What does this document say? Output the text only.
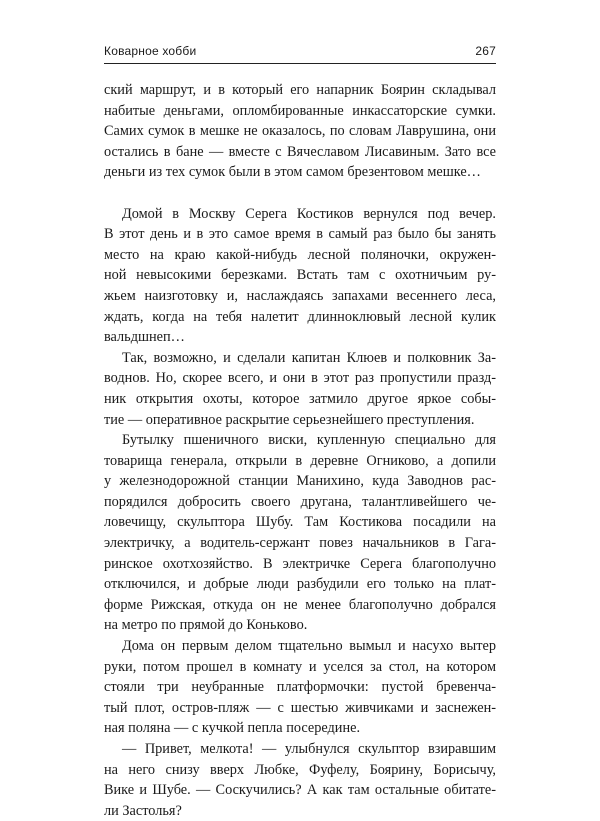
Коварное хобби	267
ский маршрут, и в который его напарник Боярин складывал
набитые деньгами, опломбированные инкассаторские сумки.
Самих сумок в мешке не оказалось, по словам Лаврушина, они
остались в бане — вместе с Вячеславом Лисавиным. Зато все
деньги из тех сумок были в этом самом брезентовом мешке…
Домой в Москву Серега Костиков вернулся под вечер.
В этот день и в это самое время в самый раз было бы занять
место на краю какой-нибудь лесной поляночки, окружен-
ной невысокими березками. Встать там с охотничьим ру-
жьем наизготовку и, наслаждаясь запахами весеннего леса,
ждать, когда на тебя налетит длинноклювый лесной кулик
вальдшнеп…
Так, возможно, и сделали капитан Клюев и полковник За-
воднов. Но, скорее всего, и они в этот раз пропустили празд-
ник открытия охоты, которое затмило другое яркое собы-
тие — оперативное раскрытие серьезнейшего преступления.
Бутылку пшеничного виски, купленную специально для
товарища генерала, открыли в деревне Огниково, а допили
у железнодорожной станции Манихино, куда Заводнов рас-
порядился добросить своего другана, талантливейшего че-
ловечищу, скульптора Шубу. Там Костикова посадили на
электричку, а водитель-сержант повез начальников в Гага-
ринское охотхозяйство. В электричке Серега благополучно
отключился, и добрые люди разбудили его только на плат-
форме Рижская, откуда он не менее благополучно добрался
на метро по прямой до Коньково.
Дома он первым делом тщательно вымыл и насухо вытер
руки, потом прошел в комнату и уселся за стол, на котором
стояли три неубранные платформочки: пустой бревенча-
тый плот, остров-пляж — с шестью живчиками и заснежен-
ная поляна — с кучкой пепла посередине.
— Привет, мелкота! — улыбнулся скульптор взиравшим
на него снизу вверх Любке, Фуфелу, Боярину, Борисычу,
Вике и Шубе. — Соскучились? А как там остальные обитате-
ли Застолья?
